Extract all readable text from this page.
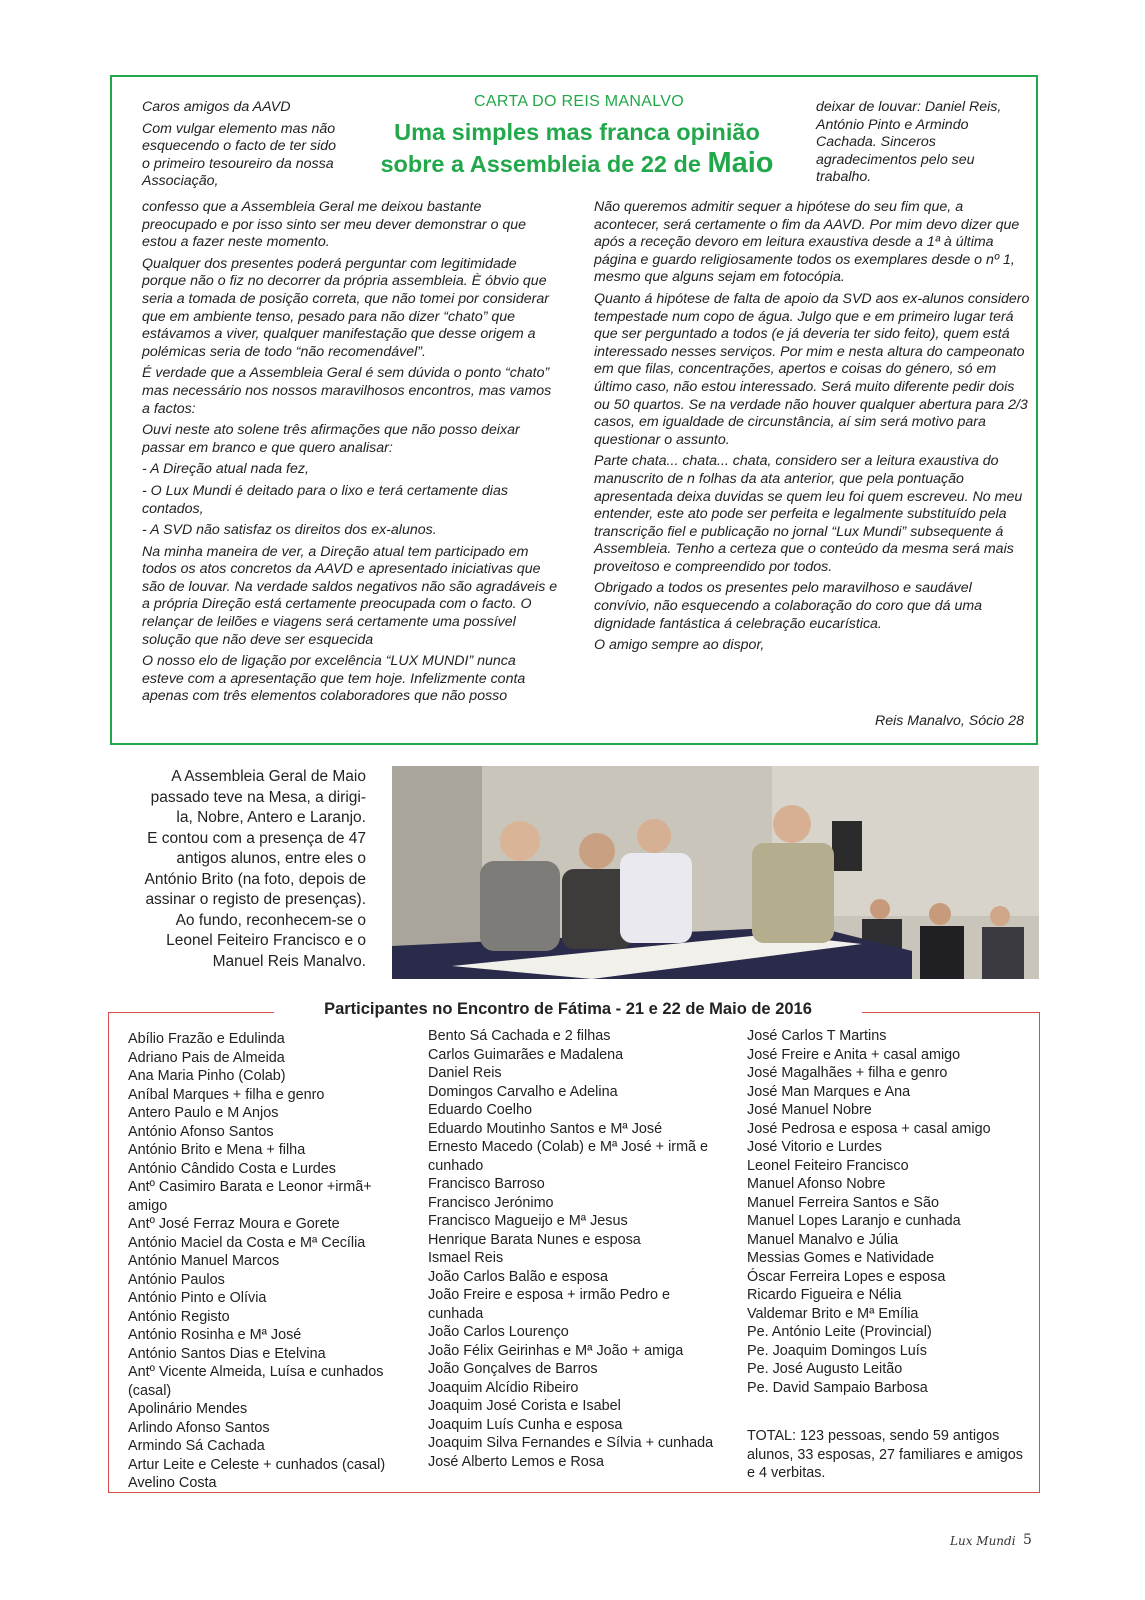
CARTA DO REIS MANALVO
Uma simples mas franca opinião
sobre a Assembleia de 22 de Maio

Caros amigos da AAVD

Com vulgar elemento mas não esquecendo o facto de ter sido o primeiro tesoureiro da nossa Associação,

confesso que a Assembleia Geral me deixou bastante preocupado e por isso sinto ser meu dever demonstrar o que estou a fazer neste momento.

Qualquer dos presentes poderá perguntar com legitimidade porque não o fiz no decorrer da própria assembleia. È óbvio que seria a tomada de posição correta, que não tomei por considerar que em ambiente tenso, pesado para não dizer “chato” que estávamos a viver, qualquer manifestação que desse origem a polémicas seria de todo “não recomendável”.

É verdade que a Assembleia Geral é sem dúvida o ponto “chato” mas necessário nos nossos maravilhosos encontros, mas vamos a factos:

Ouvi neste ato solene três afirmações que não posso deixar passar em branco e que quero analisar:

- A Direção atual nada fez,

- O Lux Mundi é deitado para o lixo e terá certamente dias contados,

- A SVD não satisfaz os direitos dos ex-alunos.

Na minha maneira de ver, a Direção atual tem participado em todos os atos concretos da AAVD e apresentado iniciativas que são de louvar. Na verdade saldos negativos não são agradáveis e a própria Direção está certamente preocupada com o facto. O relançar de leilões e viagens será certamente uma possível solução que não deve ser esquecida

O nosso elo de ligação por excelência “LUX MUNDI” nunca esteve com a apresentação que tem hoje. Infelizmente conta apenas com três elementos colaboradores que não posso

deixar de louvar: Daniel Reis, António Pinto e Armindo Cachada. Sinceros agradecimentos pelo seu trabalho.

Não queremos admitir sequer a hipótese do seu fim que, a acontecer, será certamente o fim da AAVD. Por mim devo dizer que após a receção devoro em leitura exaustiva desde a 1ª à última página e guardo religiosamente todos os exemplares desde o nº 1, mesmo que alguns sejam em fotocópia.

Quanto á hipótese de falta de apoio da SVD aos ex-alunos considero tempestade num copo de água. Julgo que e em primeiro lugar terá que ser perguntado a todos (e já deveria ter sido feito), quem está interessado nesses serviços. Por mim e nesta altura do campeonato em que filas, concentrações, apertos e coisas do género, só em último caso, não estou interessado. Será muito diferente pedir dois ou 50 quartos. Se na verdade não houver qualquer abertura para 2/3 casos, em igualdade de circunstância, aí sim será motivo para questionar o assunto.

Parte chata... chata... chata, considero ser a leitura exaustiva do manuscrito de n folhas da ata anterior, que pela pontuação apresentada deixa duvidas se quem leu foi quem escreveu. No meu entender, este ato pode ser perfeita e legalmente substituído pela transcrição fiel e publicação no jornal “Lux Mundi” subsequente á Assembleia. Tenho a certeza que o conteúdo da mesma será mais proveitoso e compreendido por todos.

Obrigado a todos os presentes pelo maravilhoso e saudável convívio, não esquecendo a colaboração do coro que dá uma dignidade fantástica á celebração eucarística.

O amigo sempre ao dispor,

Reis Manalvo, Sócio 28
A Assembleia Geral de Maio
passado teve na Mesa, a dirigi-
la, Nobre, Antero e Laranjo.
E contou com a presença de 47
antigos alunos, entre eles o
António Brito (na foto, depois de
assinar o registo de presenças).
Ao fundo, reconhecem-se o
Leonel Feiteiro Francisco e o
Manuel Reis Manalvo.
Participantes no Encontro de Fátima - 21 e 22 de Maio de 2016
Abílio Frazão e Edulinda
Adriano Pais de Almeida
Ana Maria Pinho (Colab)
Aníbal Marques + filha e genro
Antero Paulo e M Anjos
António Afonso Santos
António Brito e Mena + filha
António Cândido Costa e Lurdes
Antº Casimiro Barata e Leonor +irmã+ amigo
Antº José Ferraz Moura e Gorete
António Maciel da Costa e Mª Cecília
António Manuel Marcos
António Paulos
António Pinto e Olívia
António Registo
António Rosinha e Mª José
António Santos Dias e Etelvina
Antº Vicente Almeida, Luísa e cunhados (casal)
Apolinário Mendes
Arlindo Afonso Santos
Armindo Sá Cachada
Artur Leite e Celeste + cunhados (casal)
Avelino Costa
Bento Sá Cachada e 2 filhas
Carlos Guimarães e Madalena
Daniel Reis
Domingos Carvalho e Adelina
Eduardo Coelho
Eduardo Moutinho Santos e Mª José
Ernesto Macedo (Colab) e Mª José + irmã e cunhado
Francisco Barroso
Francisco Jerónimo
Francisco Magueijo e Mª Jesus
Henrique Barata Nunes e esposa
Ismael Reis
João Carlos Balão e esposa
João Freire e esposa + irmão Pedro e cunhada
João Carlos Lourenço
João Félix Geirinhas e Mª João + amiga
João Gonçalves de Barros
Joaquim Alcídio Ribeiro
Joaquim José Corista e Isabel
Joaquim Luís Cunha e esposa
Joaquim Silva Fernandes e Sílvia + cunhada
José Alberto Lemos e Rosa
José Carlos T Martins
José Freire e Anita + casal amigo
José Magalhães + filha e genro
José Man Marques e Ana
José Manuel Nobre
José Pedrosa e esposa + casal amigo
José Vitorio e Lurdes
Leonel Feiteiro Francisco
Manuel Afonso Nobre
Manuel Ferreira Santos e São
Manuel Lopes Laranjo e cunhada
Manuel Manalvo e Júlia
Messias Gomes e Natividade
Óscar Ferreira Lopes e esposa
Ricardo Figueira e Nélia
Valdemar Brito e Mª Emília
Pe. António Leite (Provincial)
Pe. Joaquim Domingos Luís
Pe. José Augusto Leitão
Pe. David Sampaio Barbosa
TOTAL: 123 pessoas, sendo 59 antigos alunos, 33 esposas, 27 familiares e amigos e 4 verbitas.
Lux Mundi 5
